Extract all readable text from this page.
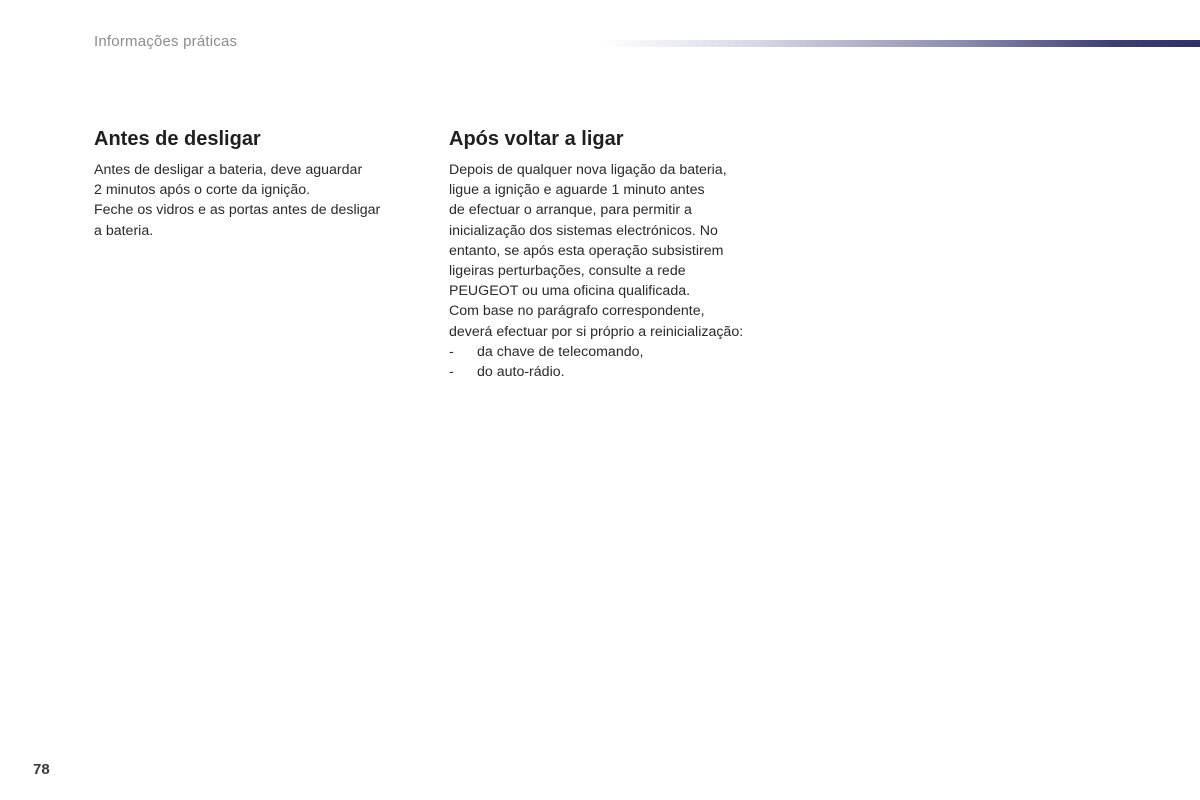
Informações práticas
Antes de desligar

Antes de desligar a bateria, deve aguardar
2 minutos após o corte da ignição.
Feche os vidros e as portas antes de desligar
a bateria.

Após voltar a ligar

Depois de qualquer nova ligação da bateria,
ligue a ignição e aguarde 1 minuto antes
de efectuar o arranque, para permitir a
inicialização dos sistemas electrónicos. No
entanto, se após esta operação subsistirem
ligeiras perturbações, consulte a rede
PEUGEOT ou uma oficina qualificada.
Com base no parágrafo correspondente,
deverá efectuar por si próprio a reinicialização:
- da chave de telecomando,
- do auto-rádio.

78
